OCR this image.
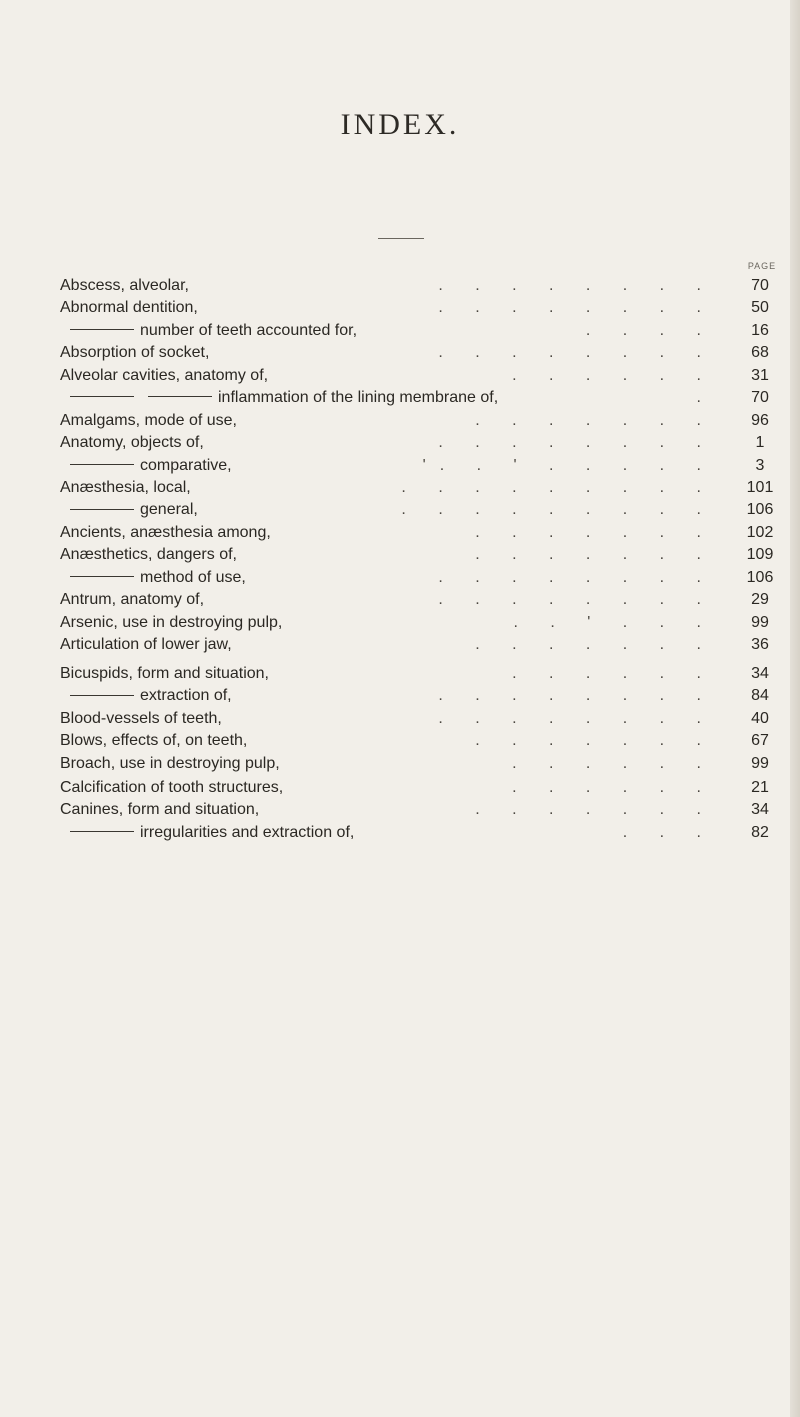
INDEX.
PAGE
. . . . . . . .
Abscess, alveolar,	70
. . . . . . . .
Abnormal dentition,	50
. . . .
number of teeth accounted for,	16
. . . . . . . .
Absorption of socket,	68
. . . . . .
Alveolar cavities, anatomy of,	31
.
inflammation of the lining membrane of,	70
. . . . . . .
Amalgams, mode of use,	96
. . . . . . . .
Anatomy, objects of,	1
'. . ' . . . . .
comparative,	3
. . . . . . . . .
Anæsthesia, local,	101
. . . . . . . . .
general,	106
. . . . . . .
Ancients, anæsthesia among,	102
. . . . . . .
Anæsthetics, dangers of,	109
. . . . . . . .
method of use,	106
. . . . . . . .
Antrum, anatomy of,	29
. . ' . . .
Arsenic, use in destroying pulp,	99
. . . . . . .
Articulation of lower jaw,	36
. . . . . .
Bicuspids, form and situation,	34
. . . . . . . .
extraction of,	84
. . . . . . . .
Blood-vessels of teeth,	40
. . . . . . .
Blows, effects of, on teeth,	67
. . . . . .
Broach, use in destroying pulp,	99
. . . . . .
Calcification of tooth structures,	21
. . . . . . .
Canines, form and situation,	34
. . .
irregularities and extraction of,	82
